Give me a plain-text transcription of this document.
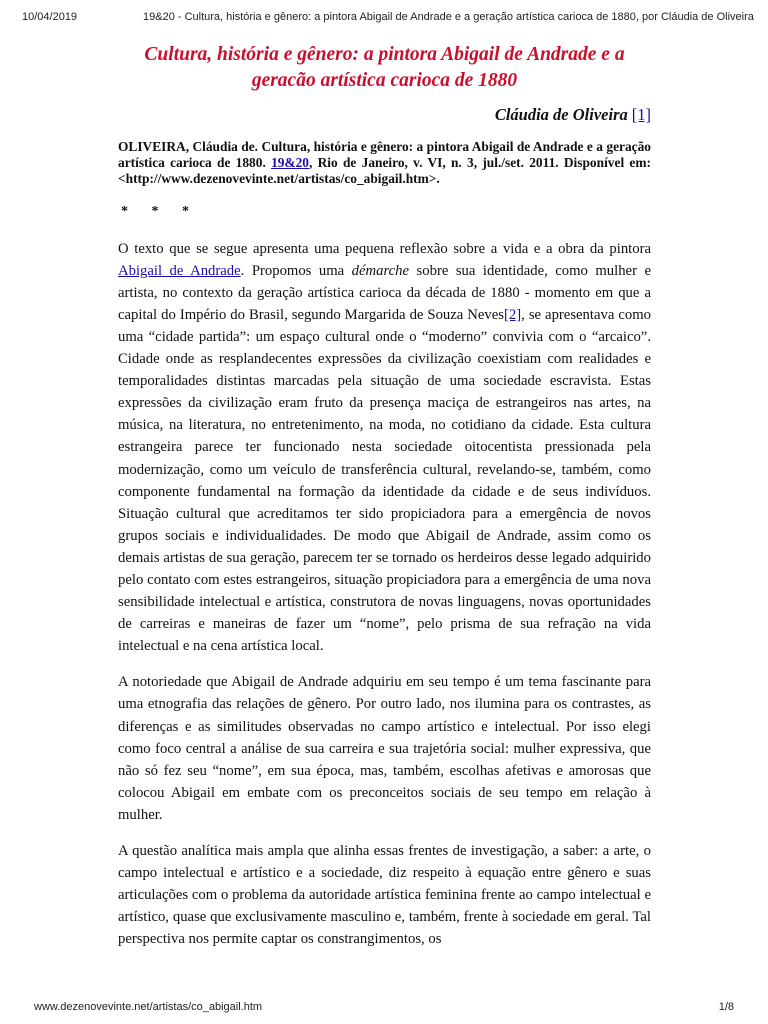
10/04/2019	19&20 - Cultura, história e gênero: a pintora Abigail de Andrade e a geração artística carioca de 1880, por Cláudia de Oliveira
Cultura, história e gênero: a pintora Abigail de Andrade e a geracão artística carioca de 1880
Cláudia de Oliveira [1]
OLIVEIRA, Cláudia de. Cultura, história e gênero: a pintora Abigail de Andrade e a geração artística carioca de 1880. 19&20, Rio de Janeiro, v. VI, n. 3, jul./set. 2011. Disponível em: <http://www.dezenovevinte.net/artistas/co_abigail.htm>.
* * *

O texto que se segue apresenta uma pequena reflexão sobre a vida e a obra da pintora Abigail de Andrade. Propomos uma démarche sobre sua identidade, como mulher e artista, no contexto da geração artística carioca da década de 1880 - momento em que a capital do Império do Brasil, segundo Margarida de Souza Neves[2], se apresentava como uma “cidade partida”: um espaço cultural onde o “moderno” convivia com o “arcaico”. Cidade onde as resplandecentes expressões da civilização coexistiam com realidades e temporalidades distintas marcadas pela situação de uma sociedade escravista. Estas expressões da civilização eram fruto da presença maciça de estrangeiros nas artes, na música, na literatura, no entretenimento, na moda, no cotidiano da cidade. Esta cultura estrangeira parece ter funcionado nesta sociedade oitocentista pressionada pela modernização, como um veículo de transferência cultural, revelando-se, também, como componente fundamental na formação da identidade da cidade e de seus indivíduos. Situação cultural que acreditamos ter sido propiciadora para a emergência de novos grupos sociais e individualidades. De modo que Abigail de Andrade, assim como os demais artistas de sua geração, parecem ter se tornado os herdeiros desse legado adquirido pelo contato com estes estrangeiros, situação propiciadora para a emergência de uma nova sensibilidade intelectual e artística, construtora de novas linguagens, novas oportunidades de carreiras e maneiras de fazer um “nome”, pelo prisma de sua refração na vida intelectual e na cena artística local.

A notoriedade que Abigail de Andrade adquiriu em seu tempo é um tema fascinante para uma etnografia das relações de gênero. Por outro lado, nos ilumina para os contrastes, as diferenças e as similitudes observadas no campo artístico e intelectual. Por isso elegi como foco central a análise de sua carreira e sua trajetória social: mulher expressiva, que não só fez seu “nome”, em sua época, mas, também, escolhas afetivas e amorosas que colocou Abigail em embate com os preconceitos sociais de seu tempo em relação à mulher.

A questão analítica mais ampla que alinha essas frentes de investigação, a saber: a arte, o campo intelectual e artístico e a sociedade, diz respeito à equação entre gênero e suas articulações com o problema da autoridade artística feminina frente ao campo intelectual e artístico, quase que exclusivamente masculino e, também, frente à sociedade em geral. Tal perspectiva nos permite captar os constrangimentos, os

www.dezenovevinte.net/artistas/co_abigail.htm	1/8
